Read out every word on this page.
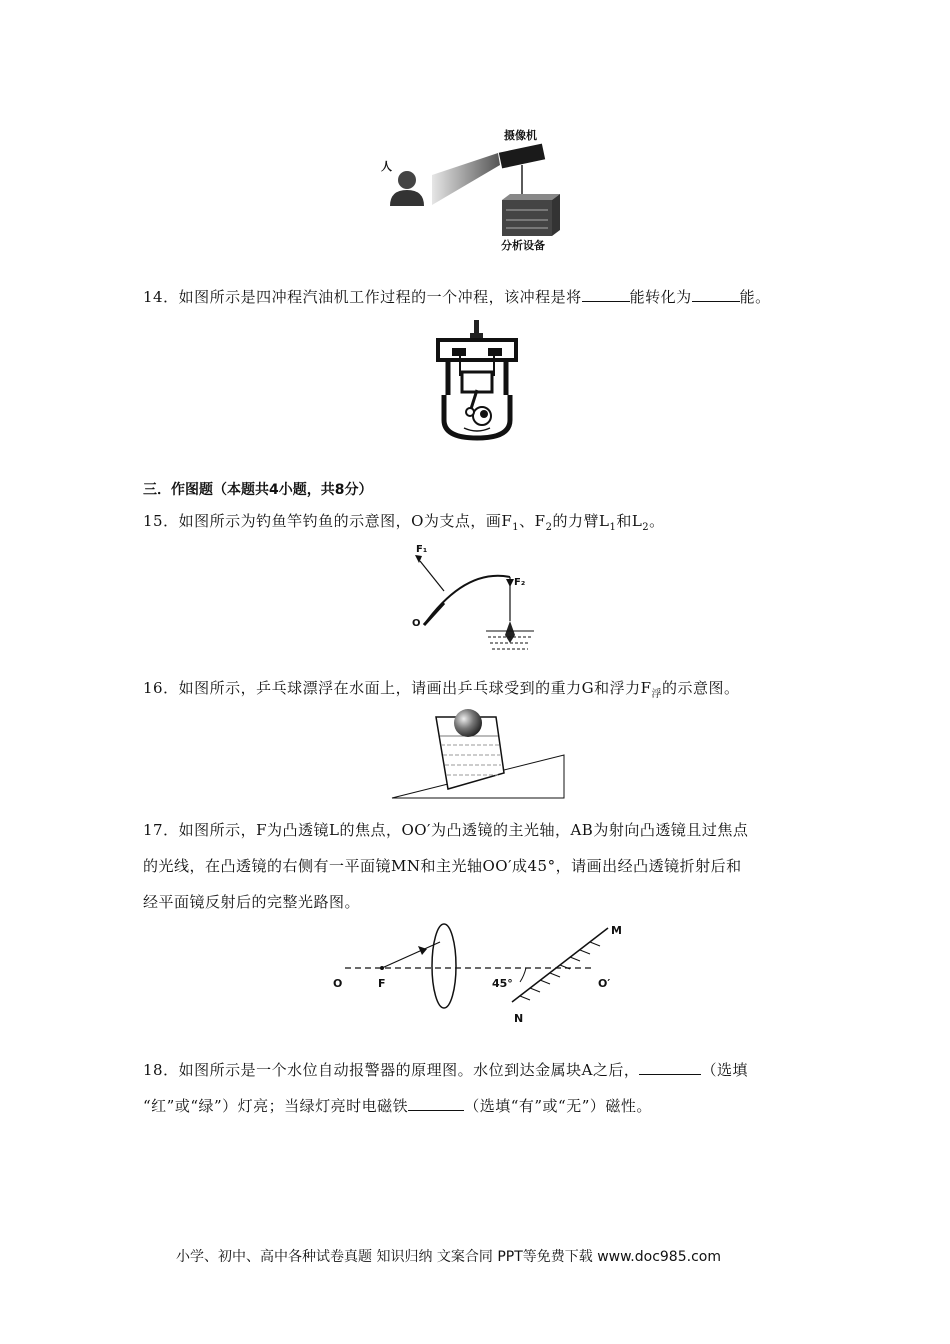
摄像机
人
分析设备
14．如图所示是四冲程汽油机工作过程的一个冲程，该冲程是将	能转化为	能。
三．作图题（本题共4小题，共8分）
15．如图所示为钓鱼竿钓鱼的示意图，O为支点，画$F_1$、$F_2$的力臂$L_1$和$L_2$。
F₁
F₂
O
16．如图所示，乒乓球漂浮在水面上，请画出乒乓球受到的重力G和浮力$F_浮$的示意图。
17．如图所示，F为凸透镜L的焦点，OO′为凸透镜的主光轴，AB为射向凸透镜且过焦点
的光线，在凸透镜的右侧有一平面镜MN和主光轴OO′成45°，请画出经凸透镜折射后和
经平面镜反射后的完整光路图。
O	F	45°	O′
M
N
18．如图所示是一个水位自动报警器的原理图。水位到达金属块A之后，	（选填
“红”或“绿”）灯亮；当绿灯亮时电磁铁	（选填“有”或“无”）磁性。
小学、初中、高中各种试卷真题 知识归纳 文案合同 PPT等免费下载 www.doc985.com
